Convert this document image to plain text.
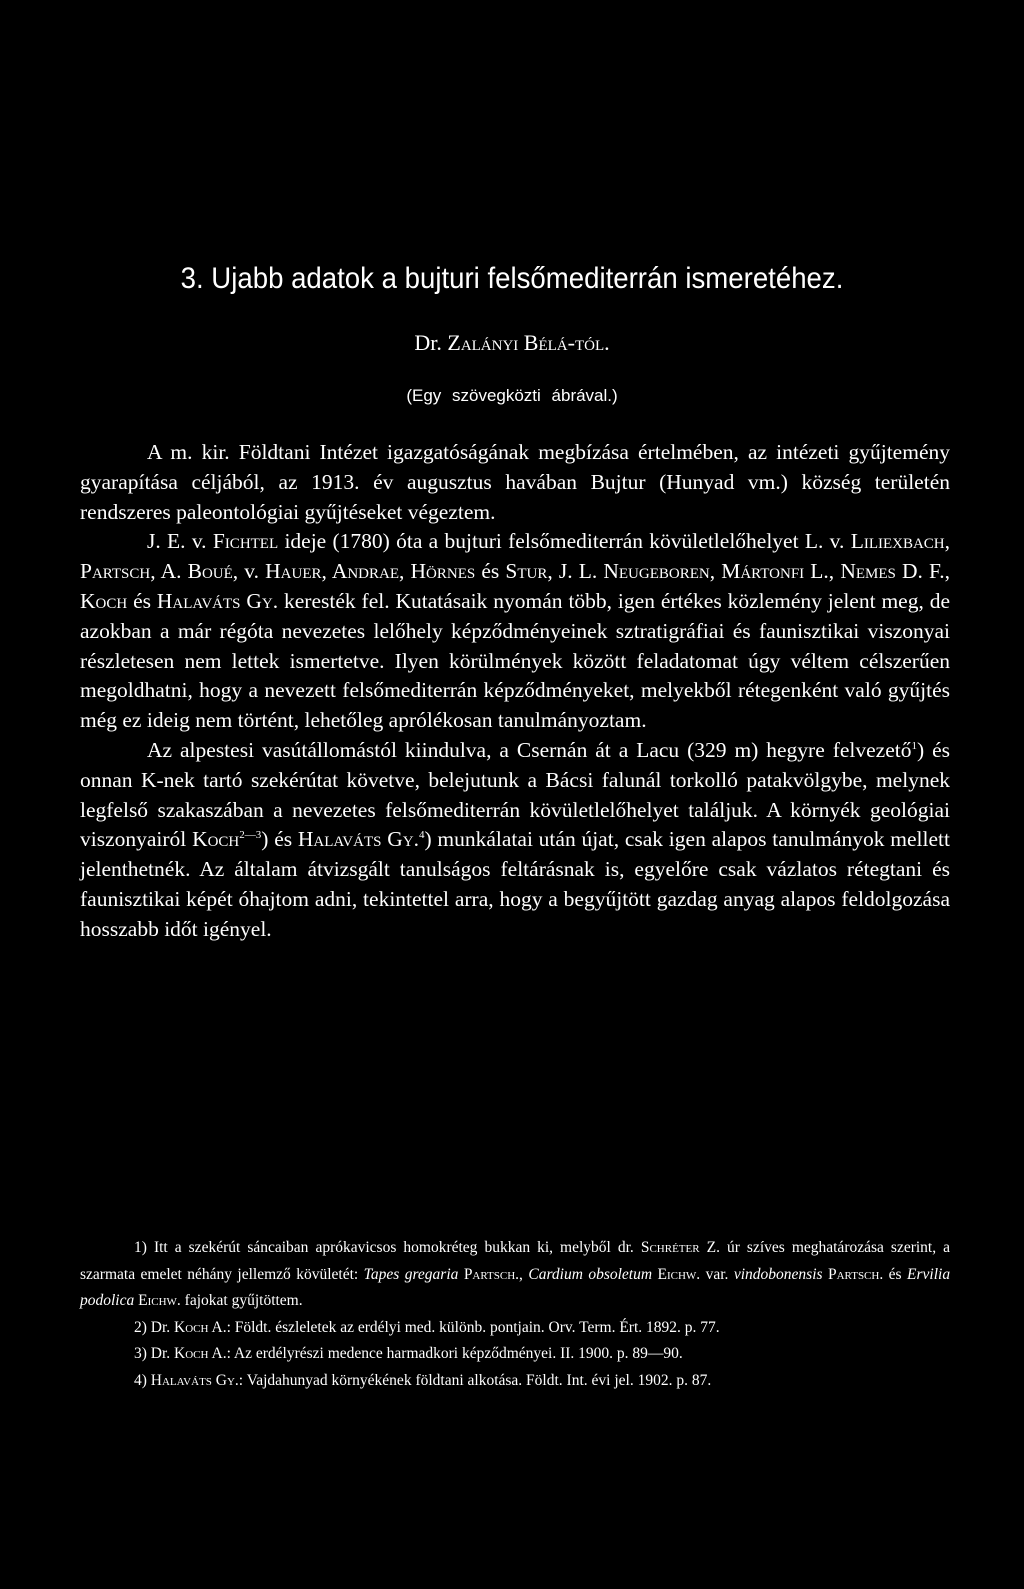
3. Ujabb adatok a bujturi felsőmediterrán ismeretéhez.
Dr. Zalányi Bélá-tól.
(Egy szövegközti ábrával.)

A m. kir. Földtani Intézet igazgatóságának megbízása értelmében, az intézeti gyűjtemény gyarapítása céljából, az 1913. év augusztus havában Bujtur (Hunyad vm.) község területén rendszeres paleontológiai gyűjtéseket végeztem.

J. E. v. Fichtel ideje (1780) óta a bujturi felsőmediterrán kövületlelőhelyet L. v. Liliexbach, Partsch, A. Boué, v. Hauer, Andrae, Hörnes és Stur, J. L. Neugeboren, Mártonfi L., Nemes D. F., Koch és Halaváts Gy. keresték fel. Kutatásaik nyomán több, igen értékes közlemény jelent meg, de azokban a már régóta nevezetes lelőhely képződményeinek sztratigráfiai és faunisztikai viszonyai részletesen nem lettek ismertetve. Ilyen körülmények között feladatomat úgy véltem célszerűen megoldhatni, hogy a nevezett felsőmediterrán képződményeket, melyekből rétegenként való gyűjtés még ez ideig nem történt, lehetőleg aprólékosan tanulmányoztam.

Az alpestesi vasútállomástól kiindulva, a Csernán át a Lacu (329 m) hegyre felvezető$^1$) és onnan K-nek tartó szekérútat követve, belejutunk a Bácsi falunál torkolló patakvölgybe, melynek legfelső szakaszában a nevezetes felsőmediterrán kövületlelőhelyet találjuk. A környék geológiai viszonyairól Koch$^{2—3}$) és Halaváts Gy.$^4$) munkálatai után újat, csak igen alapos tanulmányok mellett jelenthetnék. Az általam átvizsgált tanulságos feltárásnak is, egyelőre csak vázlatos rétegtani és faunisztikai képét óhajtom adni, tekintettel arra, hogy a begyűjtött gazdag anyag alapos feldolgozása hosszabb időt igényel.

1) Itt a szekérút sáncaiban aprókavicsos homokréteg bukkan ki, melyből dr. Schréter Z. úr szíves meghatározása szerint, a szarmata emelet néhány jellemző kövületét: Tapes gregaria Partsch., Cardium obsoletum Eichw. var. vindobonensis Partsch. és Ervilia podolica Eichw. fajokat gyűjtöttem.

2) Dr. Koch A.: Földt. észleletek az erdélyi med. különb. pontjain. Orv. Term. Ért. 1892. p. 77.

3) Dr. Koch A.: Az erdélyrészi medence harmadkori képződményei. II. 1900. p. 89—90.

4) Halaváts Gy.: Vajdahunyad környékének földtani alkotása. Földt. Int. évi jel. 1902. p. 87.
